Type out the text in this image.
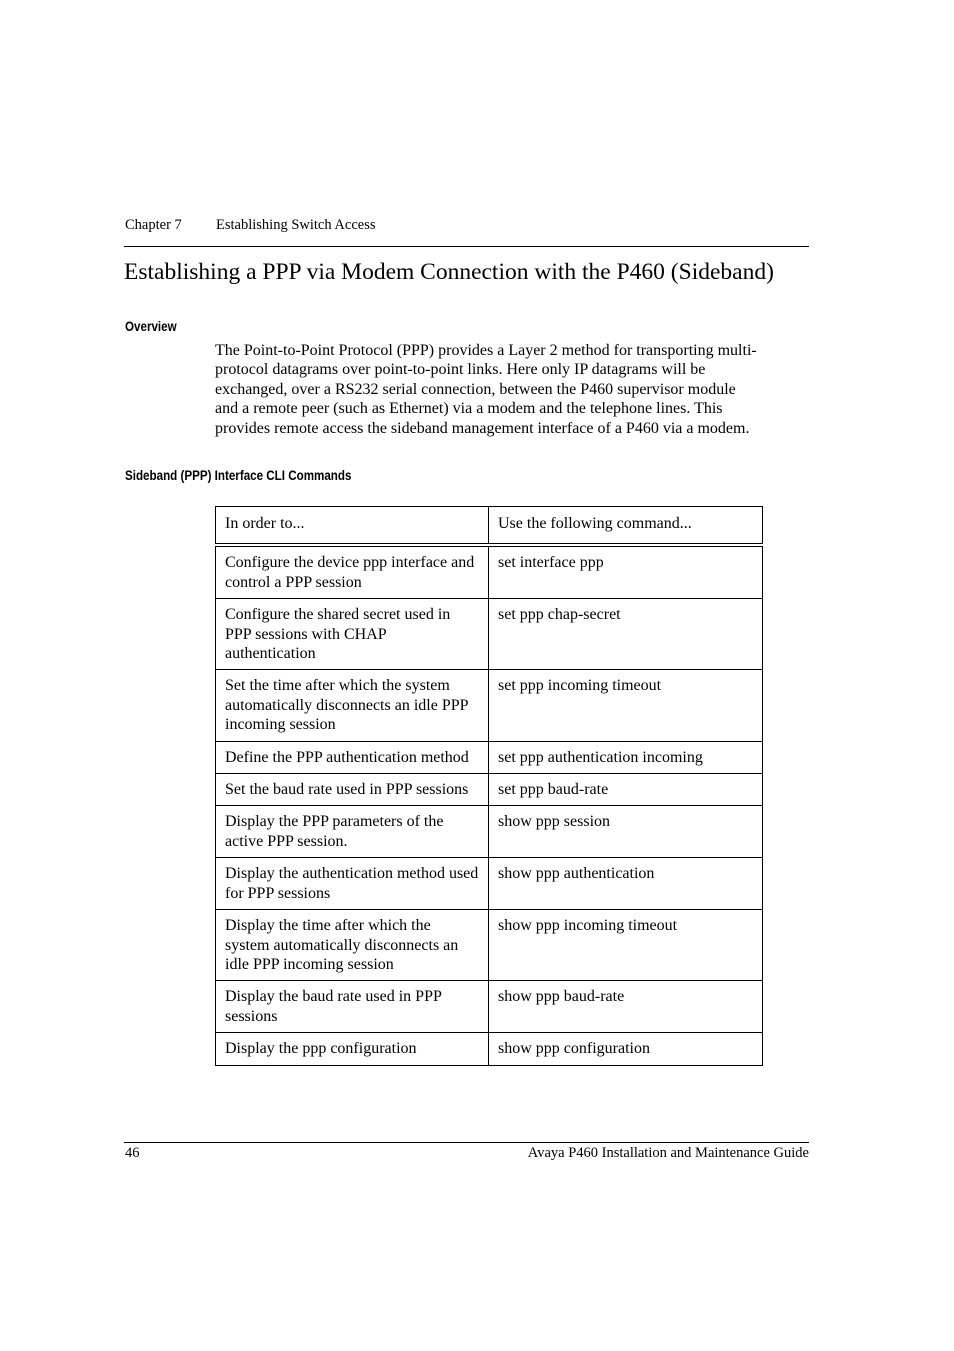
Chapter 7 Establishing Switch Access
Establishing a PPP via Modem Connection with the P460 (Sideband)
Overview
The Point-to-Point Protocol (PPP) provides a Layer 2 method for transporting multi-
protocol datagrams over point-to-point links. Here only IP datagrams will be
exchanged, over a RS232 serial connection, between the P460 supervisor module
and a remote peer (such as Ethernet) via a modem and the telephone lines. This
provides remote access the sideband management interface of a P460 via a modem.
Sideband (PPP) Interface CLI Commands
In order to...	Use the following command...
Configure the device ppp interface and control a PPP session	set interface ppp
Configure the shared secret used in PPP sessions with CHAP authentication	set ppp chap-secret
Set the time after which the system automatically disconnects an idle PPP incoming session	set ppp incoming timeout
Define the PPP authentication method	set ppp authentication incoming
Set the baud rate used in PPP sessions	set ppp baud-rate
Display the PPP parameters of the active PPP session.	show ppp session
Display the authentication method used for PPP sessions	show ppp authentication
Display the time after which the system automatically disconnects an idle PPP incoming session	show ppp incoming timeout
Display the baud rate used in PPP sessions	show ppp baud-rate
Display the ppp configuration	show ppp configuration
46	Avaya P460 Installation and Maintenance Guide
